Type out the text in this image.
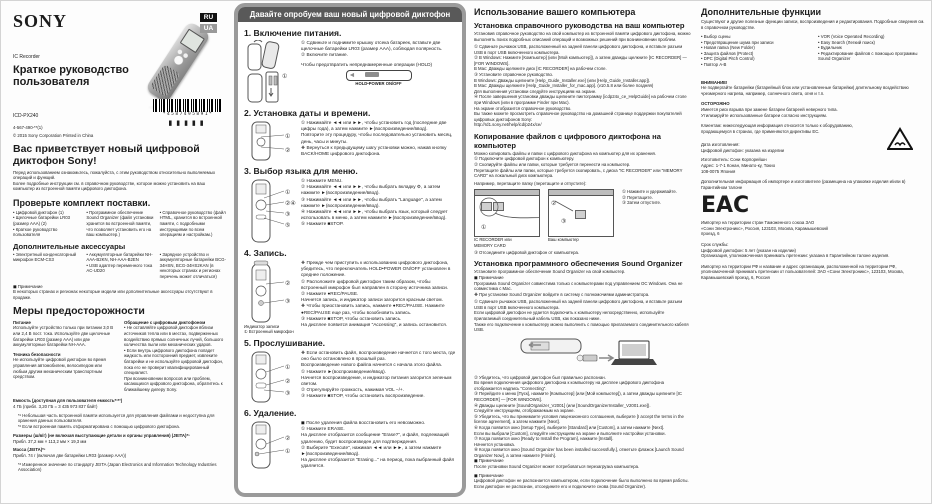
SONY
IC Recorder
Краткое руководство
пользователя
ICD-PX240
4-567-490-**(1)
© 2015 Sony Corporation Printed in China
Вас приветствует новый цифровой диктофон Sony!
Перед использованием ознакомьтесь, пожалуйста, с этим руководством относительно выполняемых операций и функций.
Более подробные инструкции см. в справочном руководстве, которое можно установить на ваш компьютер из встроенной памяти цифрового диктофона.
Проверьте комплект поставки.
• Цифровой диктофон (1)
• Щелочные батарейки LR03 (размер AAA) (2)
• Краткое руководство пользователя
• Программное обеспечение Sound Organizer (файл установки хранится во встроенной памяти, что позволяет установить его на ваш компьютер.)
• Справочное руководство (файл HTML, хранится во встроенной памяти, с подробными инструкциями по всем операциям и настройкам.)
Дополнительные аксессуары
• Электретный конденсаторный микрофон ECM-CS3
• Аккумуляторные батарейки NH-AAA-B2KN, NH-AAA-B2EN
• USB адаптер переменного тока AC-UD20
• Зарядное устройство и аккумуляторные батарейки BCG-34HSN, BCG-34HS2KAN (в некоторых странах и регионах перечень может отличаться)
◼ Примечание
В некоторых странах и регионах некоторые модели или дополнительные аксессуары отсутствуют в продаже.
Меры предосторожности
Питание
Используйте устройство только при питании 3,0 В или 2,4 В пост. тока. Используйте две щелочные батарейки LR03 (размер AAA) или две аккумуляторные батарейки NH-AAA.
Техника безопасности
Не используйте цифровой диктофон во время управления автомобилем, велосипедом или любым другим механическим транспортным средством.
Обращение с цифровым диктофоном
• Не оставляйте цифровой диктофон вблизи источников тепла или в местах, подверженных воздействию прямых солнечных лучей, большого количества пыли или механических ударов.
• Если внутрь цифрового диктофона попадет жидкость или посторонний предмет, извлеките батарейки и не используйте цифровой диктофон, пока его не проверит квалифицированный специалист.
При возникновении вопросов или проблем, касающихся цифрового диктофона, обратитесь к ближайшему дилеру Sony.
Емкость (доступная для пользователя емкость*¹*²)
4 ГБ (прибл. 3,20 ГБ = 3 435 973 837 байт)
*¹ Небольшая часть встроенной памяти используется для управления файлами и недоступна для хранения данных пользователя.
*² Если встроенная память отформатирована с помощью цифрового диктофона.
Размеры (ш/в/г) (не включая выступающие детали и органы управления) (JEITA)*³
Прибл. 37,2 мм × 113,2 мм × 19,3 мм
Масса (JEITA)*³
Прибл. 74 г (включая две батарейки LR03 (размер AAA))
*³ Измеренное значение по стандарту JEITA (Japan Electronics and Information Technology Industries Association)
RU
UA
*4587495891*
▮▮▮▮▮
Давайте опробуем ваш новый цифровой диктофон
1. Включение питания.
①
① Сдвиньте и поднимите крышку отсека батареек, вставьте две щелочные батарейки LR03 (размер AAA), соблюдая полярность.
② Включите питание.
Чтобы предотвратить непреднамеренные операции (HOLD)
◄
HOLD•POWER ON/OFF
2. Установка даты и времени.
①
②
① Нажимайте ◄◄ или ►►, чтобы установить год (последние две цифры года), а затем нажмите ►(воспроизведение/ввод).
Повторите эту процедуру, чтобы последовательно установить месяц, день, часы и минуты.
❖ Вернуться к предыдущему шагу установки можно, нажав кнопку BACK/HOME цифрового диктофона.
3. Выбор языка для меню.
①
②④
③
⑤
① Нажмите MENU.
② Нажимайте ◄◄ или ►►, чтобы выбрать вкладку ⚙, а затем нажмите ►(воспроизведение/ввод).
③ Нажимайте ◄◄ или ►►, чтобы выбрать "Language", а затем нажмите ►(воспроизведение/ввод).
④ Нажимайте ◄◄ или ►►, чтобы выбрать язык, который следует использовать в меню, а затем нажмите ►(воспроизведение/ввод).
⑤ Нажмите ■STOP.
4. Запись.
②
③
Индикатор записи
① Встроенный микрофон
❖ Прежде чем приступить к использованию цифрового диктофона, убедитесь, что переключатель HOLD•POWER ON/OFF установлен в среднее положение.
① Расположите цифровой диктофон таким образом, чтобы встроенный микрофон был направлен в сторону источника записи.
② Нажмите ●REC/PAUSE.
Начнется запись, и индикатор записи загорится красным светом.
❖ Чтобы приостановить запись, нажмите ●REC/PAUSE. Нажмите ●REC/PAUSE еще раз, чтобы возобновить запись.
③ Нажмите ■STOP, чтобы остановить запись.
На дисплее появится анимация "Accessing", и запись остановится.
5. Прослушивание.
①
②
③
❖ Если остановить файл, воспроизведение начнется с того места, где оно было остановлено в прошлый раз.
Воспроизведение нового файла начнется с начала этого файла.
① Нажмите ►(воспроизведение/ввод).
Начнется воспроизведение, и индикатор питания загорится зеленым светом.
② Отрегулируйте громкость, нажимая VOL −/+.
③ Нажмите ■STOP, чтобы остановить воспроизведение.
6. Удаление.
②
①
◼ После удаления файла восстановить его невозможно.
① Нажмите ERASE.
На дисплее отобразится сообщение "Erase?", и файл, подлежащий удалению, будет воспроизведен для подтверждения.
② Выберите "Execute", нажимая ◄◄ или ►►, а затем нажмите ►(воспроизведение/ввод).
На дисплее отобразится "Erasing..." на период, пока выбранный файл удаляется.
Использование вашего компьютера
Установка справочного руководства на ваш компьютер
Установив справочное руководство на свой компьютер из встроенной памяти цифрового диктофона, можно выполнять поиск подробных описаний операций и возможных решений при возникновении проблем.
① Сдвиньте рычажок USB, расположенный на задней панели цифрового диктофона, и вставьте разъем USB в порт USB включенного компьютера.
② В Windows: Нажмите [Компьютер] (или [Мой компьютер]), а затем дважды щелкните [IC RECORDER] — [FOR WINDOWS].
В Mac: Дважды щелкните диск [IC RECORDER] на рабочем столе.
③ Установите справочное руководство.
В Windows: Дважды щелкните [Help_Guide_Installer.exe] (или [Help_Guide_Installer.app]).
В Mac: Дважды щелкните [Help_Guide_Installer_for_mac.app]. (v10.5.8 или более поздняя)
Для выполнения установки следуйте инструкциям на экране.
④ После завершения установки дважды щелкните пиктограмму [icdp24x_ce_HelpGuide] на рабочем столе при Windows (или в программе Finder при Mac).
На экране отобразится справочное руководство.
Вы также можете просмотреть справочное руководство на домашней странице поддержки покупателей цифровых диктофонов Sony:
http://rd1.sony.net/help/icd/p24x/ce/
Копирование файлов с цифрового диктофона на компьютер
Можно копировать файлы и папки с цифрового диктофона на компьютер для их хранения.
① Подключите цифровой диктофон к компьютеру.
② Скопируйте файлы или папки, которые требуется перенести на компьютер.
Перетащите файлы или папки, которые требуется скопировать, с диска "IC RECORDER" или "MEMORY CARD" на локальный диск компьютера.
Например, перетащите папку (перетащите и отпустите):
①
IC RECORDER или
MEMORY CARD
③
②
Ваш компьютер
① Нажмите и удерживайте.
② Перетащите.
③ Затем отпустите.
③ Отсоедините цифровой диктофон от компьютера.
Установка программного обеспечения Sound Organizer
Установите программное обеспечение Sound Organizer на свой компьютер.
◼ Примечание
Программа Sound Organizer совместима только с компьютерами под управлением ОС Windows. Она не совместима с Mac.
❖ При установке Sound Organizer войдите в систему с полномочиями администратора.
① Сдвиньте рычажок USB, расположенный на задней панели цифрового диктофона, и вставьте разъем USB в порт USB включенного компьютера.
Если цифровой диктофон не удается подключить к компьютеру непосредственно, используйте прилагаемый соединительный кабель USB, как показано ниже.
Также его подключение к компьютеру можно выполнить с помощью прилагаемого соединительного кабеля USB.
② Убедитесь, что цифровой диктофон был правильно распознан.
Во время подключения цифрового диктофона к компьютеру на дисплее цифрового диктофона отображается надпись "Connecting".
③ Перейдите к меню [Пуск], нажмите [Компьютер] (или [Мой компьютер]), а затем дважды щелкните [IC RECORDER] — [FOR WINDOWS].
④ Дважды щелкните [SoundOrganizer_V2001] (или [SoundOrganizerInstaller_V2001.exe]).
Следуйте инструкциям, отображаемым на экране.
⑤ Убедитесь, что вы принимаете условия лицензионного соглашения, выберите [I accept the terms in the license agreement], а затем нажмите [Next].
⑥ Когда появится окно [Setup Type], выберите [Standard] или [Custom], а затем нажмите [Next].
Если вы выбрали [Custom], следуйте инструкциям на экране и выполните настройки установки.
⑦ Когда появится окно [Ready to Install the Program], нажмите [Install].
Начнется установка.
⑧ Когда появится окно [Sound Organizer has been installed successfully.], отметьте флажок [Launch Sound Organizer Now], а затем нажмите [Finish].
◼ Примечание
После установки Sound Organizer может потребоваться перезагрузка компьютера.
◼ Примечание
Цифровой диктофон не распознается компьютером, если подключение было выполнено во время работы. Если диктофон не распознан, отсоедините его и подключите снова (Sound Organizer).
Дополнительные функции
Существуют и другие полезные функции записи, воспроизведения и редактирования. Подробные сведения см. в справочном руководстве.
• Выбор сцены
• Предотвращение шума при записи
• Новая папка (New Folder)
• Защита файлов (Protect)
• DPC (Digital Pitch Control)
• Повтор A-B
• VOR (Voice Operated Recording)
• Easy Search (Легкий поиск)
• Будильник
• Редактирование файлов с помощью программы
Sound Organizer
ВНИМАНИЕ!
Не подвергайте батарейки (батарейный блок или установленные батарейки) длительному воздействию чрезмерного нагрева, например, солнечного света, огня и т.п.
ОСТОРОЖНО
Имеется риск взрыва при замене батареи батареей неверного типа.
Утилизируйте использованные батареи согласно инструкциям.
Клиентам: нижеследующая информация относится только к оборудованию, продающемуся в странах, где применяются директивы ЕС.
Дата изготовления:
Цифровой диктофон: указана на изделии
Изготовитель: Сони Корпорейшн
Адрес: 1-7-1 Конан, Минато-ку, Токио
108-0075 Япония
Дополнительная информация об импортере и изготовителе (размещена на упаковке изделия и/или в) Гарантийном талоне
EAC
Импортер на территории стран Таможенного союза ЗАО
«Сони Электроникс», Россия, 123103, Москва, Карамышевский
проезд, 6
Срок службы:
Цифровой диктофон: 5 лет (указан на изделии)
Организация, уполномоченная принимать претензии: указана в Гарантийном талоне изделия.
Импортер на территории РФ и название и адрес организации, расположенной на территории РФ, уполномоченной принимать претензии от пользователей: ЗАО «Сони Электроникс», 123103, Москва, Карамышевский проезд, 6, Россия
